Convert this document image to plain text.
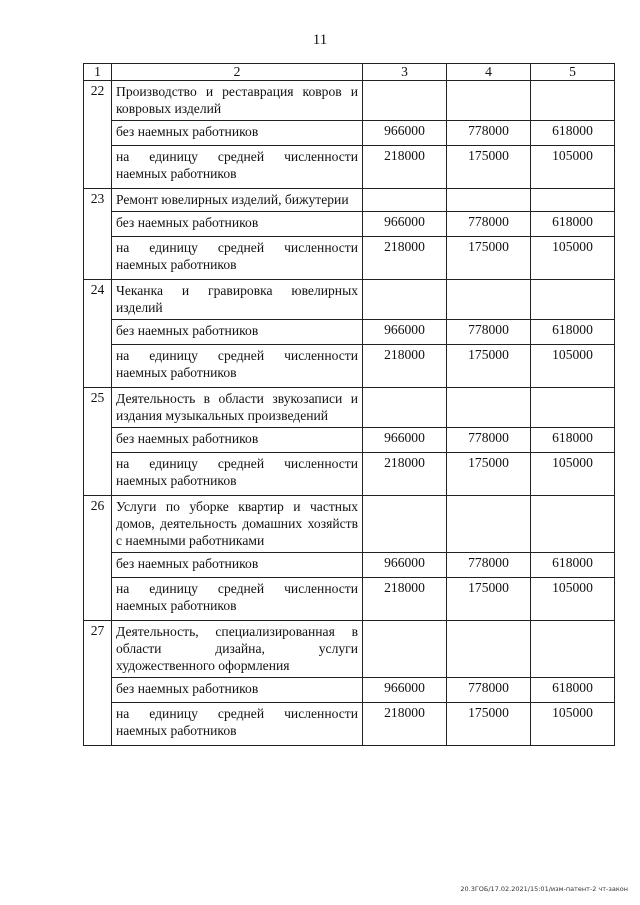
11
1	2	3	4	5
22	Производство и реставрация ковров и ковровых изделий			
	без наемных работников	966000	778000	618000
	на единицу средней численности наемных работников	218000	175000	105000
23	Ремонт ювелирных изделий, бижутерии			
	без наемных работников	966000	778000	618000
	на единицу средней численности наемных работников	218000	175000	105000
24	Чеканка и гравировка ювелирных изделий			
	без наемных работников	966000	778000	618000
	на единицу средней численности наемных работников	218000	175000	105000
25	Деятельность в области звукозаписи и издания музыкальных произведений			
	без наемных работников	966000	778000	618000
	на единицу средней численности наемных работников	218000	175000	105000
26	Услуги по уборке квартир и частных домов, деятельность домашних хозяйств с наемными работниками			
	без наемных работников	966000	778000	618000
	на единицу средней численности наемных работников	218000	175000	105000
27	Деятельность, специализированная в области дизайна, услуги художественного оформления			
	без наемных работников	966000	778000	618000
	на единицу средней численности наемных работников	218000	175000	105000
20.3ГОБ/17.02.2021/15:01/изм-патент-2 чт-закон
